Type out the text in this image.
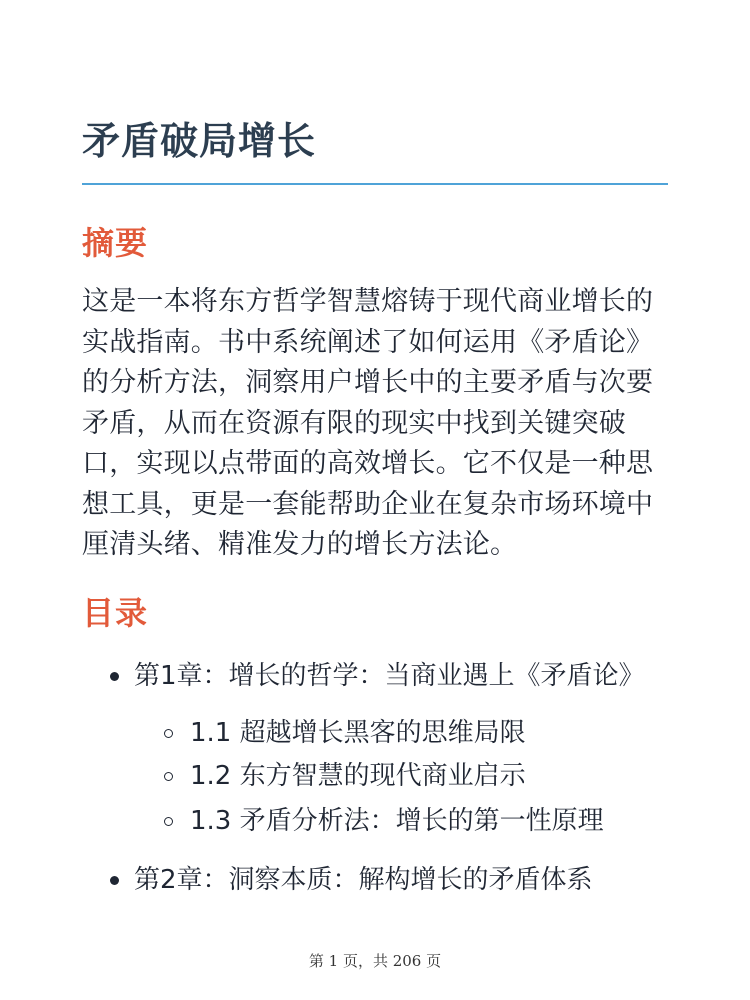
矛盾破局增长
摘要

这是一本将东方哲学智慧熔铸于现代商业增长的实战指南。书中系统阐述了如何运用《矛盾论》的分析方法，洞察用户增长中的主要矛盾与次要矛盾，从而在资源有限的现实中找到关键突破口，实现以点带面的高效增长。它不仅是一种思想工具，更是一套能帮助企业在复杂市场环境中厘清头绪、精准发力的增长方法论。

目录
第1章：增长的哲学：当商业遇上《矛盾论》
1.1 超越增长黑客的思维局限
1.2 东方智慧的现代商业启示
1.3 矛盾分析法：增长的第一性原理
第2章：洞察本质：解构增长的矛盾体系
第 1 页，共 206 页
